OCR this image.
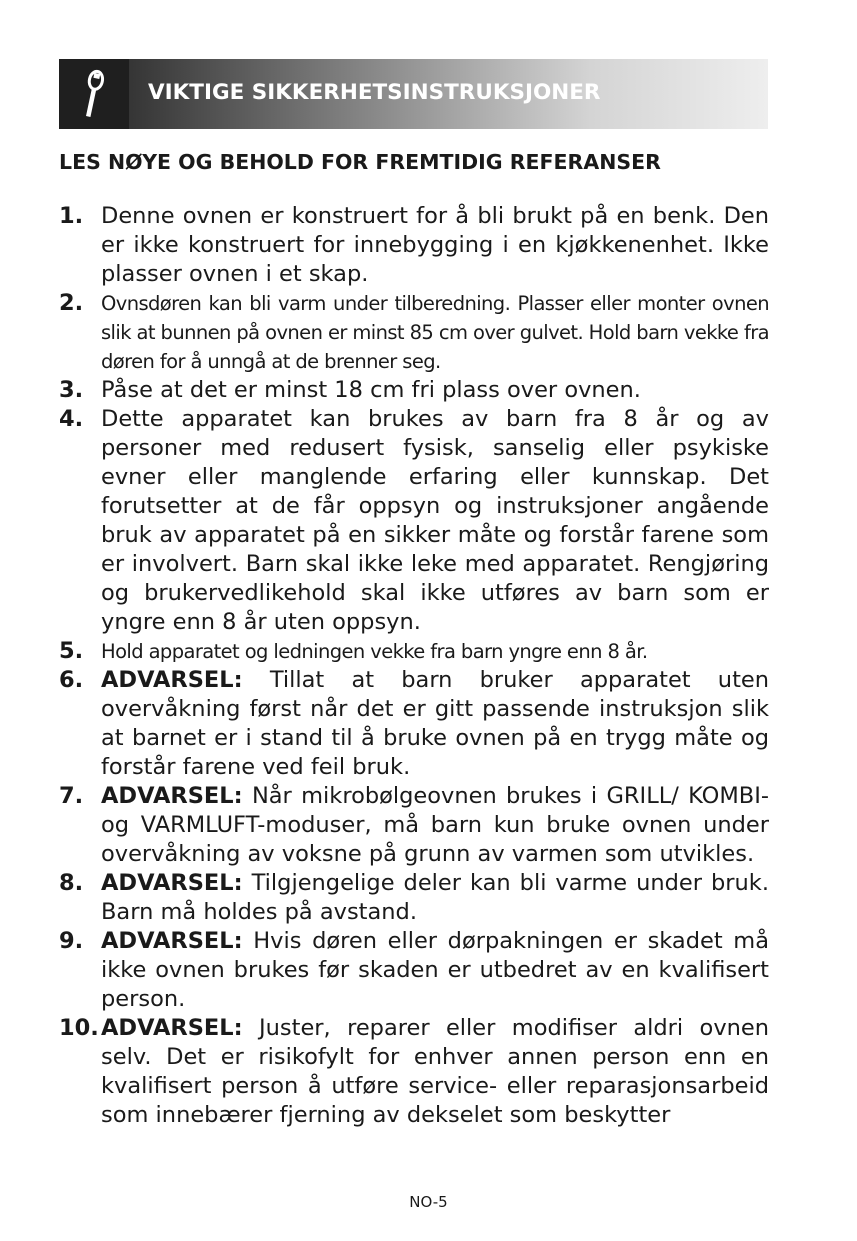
VIKTIGE SIKKERHETSINSTRUKSJONER
LES NØYE OG BEHOLD FOR FREMTIDIG REFERANSER
1. Denne ovnen er konstruert for å bli brukt på en benk. Den er ikke konstruert for innebygging i en kjøkkenenhet. Ikke plasser ovnen i et skap.
2. Ovnsdøren kan bli varm under tilberedning. Plasser eller monter ovnen slik at bunnen på ovnen er minst 85 cm over gulvet. Hold barn vekke fra døren for å unngå at de brenner seg.
3. Påse at det er minst 18 cm fri plass over ovnen.
4. Dette apparatet kan brukes av barn fra 8 år og av personer med redusert fysisk, sanselig eller psykiske evner eller manglende erfaring eller kunnskap. Det forutsetter at de får oppsyn og instruksjoner angående bruk av apparatet på en sikker måte og forstår farene som er involvert. Barn skal ikke leke med apparatet. Rengjøring og brukervedlikehold skal ikke utføres av barn som er yngre enn 8 år uten oppsyn.
5. Hold apparatet og ledningen vekke fra barn yngre enn 8 år.
6. ADVARSEL: Tillat at barn bruker apparatet uten overvåkning først når det er gitt passende instruksjon slik at barnet er i stand til å bruke ovnen på en trygg måte og forstår farene ved feil bruk.
7. ADVARSEL: Når mikrobølgeovnen brukes i GRILL/ KOMBI- og VARMLUFT-moduser, må barn kun bruke ovnen under overvåkning av voksne på grunn av varmen som utvikles.
8. ADVARSEL: Tilgjengelige deler kan bli varme under bruk. Barn må holdes på avstand.
9. ADVARSEL: Hvis døren eller dørpakningen er skadet må ikke ovnen brukes før skaden er utbedret av en kvalifisert person.
10. ADVARSEL: Juster, reparer eller modifiser aldri ovnen selv. Det er risikofylt for enhver annen person enn en kvalifisert person å utføre service- eller reparasjonsarbeid som innebærer fjerning av dekselet som beskytter
NO-5
